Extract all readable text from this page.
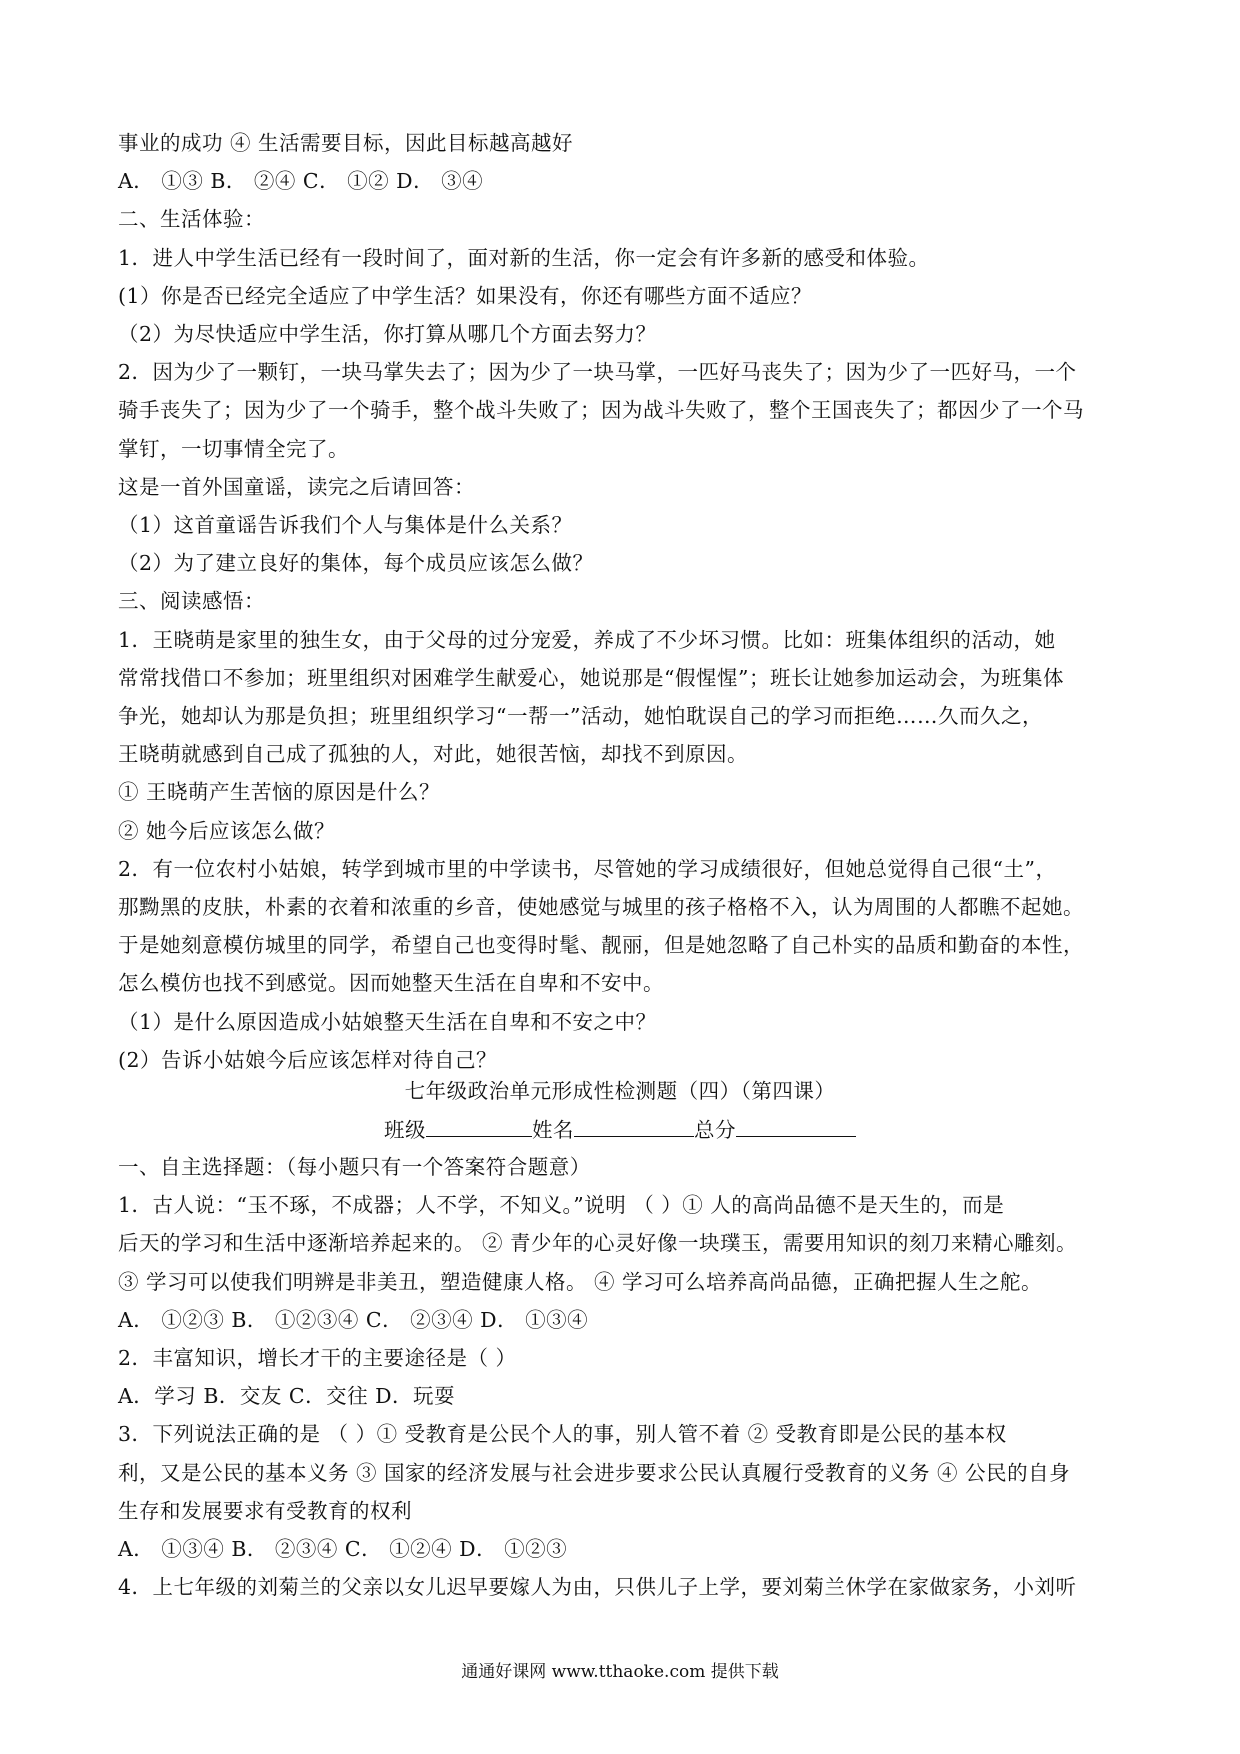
事业的成功 ④ 生活需要目标，因此目标越高越好
A． ①③ B． ②④ C． ①② D． ③④
二、生活体验：
1．进人中学生活已经有一段时间了，面对新的生活，你一定会有许多新的感受和体验。
(1）你是否已经完全适应了中学生活？如果没有，你还有哪些方面不适应？
（2）为尽快适应中学生活，你打算从哪几个方面去努力？
2．因为少了一颗钉，一块马掌失去了；因为少了一块马掌，一匹好马丧失了；因为少了一匹好马，一个
骑手丧失了；因为少了一个骑手，整个战斗失败了；因为战斗失败了，整个王国丧失了；都因少了一个马
掌钉，一切事情全完了。
这是一首外国童谣，读完之后请回答：
（1）这首童谣告诉我们个人与集体是什么关系？
（2）为了建立良好的集体，每个成员应该怎么做？
三、阅读感悟：
1．王晓萌是家里的独生女，由于父母的过分宠爱，养成了不少坏习惯。比如：班集体组织的活动，她
常常找借口不参加；班里组织对困难学生献爱心，她说那是“假惺惺”；班长让她参加运动会，为班集体
争光，她却认为那是负担；班里组织学习“一帮一”活动，她怕耽误自己的学习而拒绝……久而久之，
王晓萌就感到自己成了孤独的人，对此，她很苦恼，却找不到原因。
① 王晓萌产生苦恼的原因是什么？
② 她今后应该怎么做？
2．有一位农村小姑娘，转学到城市里的中学读书，尽管她的学习成绩很好，但她总觉得自己很“土”，
那黝黑的皮肤，朴素的衣着和浓重的乡音，使她感觉与城里的孩子格格不入，认为周围的人都瞧不起她。
于是她刻意模仿城里的同学，希望自己也变得时髦、靓丽，但是她忽略了自己朴实的品质和勤奋的本性，
怎么模仿也找不到感觉。因而她整天生活在自卑和不安中。
（1）是什么原因造成小姑娘整天生活在自卑和不安之中？
(2）告诉小姑娘今后应该怎样对待自己？
七年级政治单元形成性检测题（四）（第四课）
班级	姓名	总分
一、自主选择题：（每小题只有一个答案符合题意）
1．古人说：“玉不琢，不成器；人不学，不知义。”说明 （ ）① 人的高尚品德不是天生的，而是
后天的学习和生活中逐渐培养起来的。 ② 青少年的心灵好像一块璞玉，需要用知识的刻刀来精心雕刻。
③ 学习可以使我们明辨是非美丑，塑造健康人格。 ④ 学习可么培养高尚品德，正确把握人生之舵。
A． ①②③ B． ①②③④ C． ②③④ D． ①③④
2．丰富知识，增长才干的主要途径是（ ）
A．学习 B．交友 C．交往 D．玩耍
3．下列说法正确的是 （ ）① 受教育是公民个人的事，别人管不着 ② 受教育即是公民的基本权
利，又是公民的基本义务 ③ 国家的经济发展与社会进步要求公民认真履行受教育的义务 ④ 公民的自身
生存和发展要求有受教育的权利
A． ①③④ B． ②③④ C． ①②④ D． ①②③
4．上七年级的刘菊兰的父亲以女儿迟早要嫁人为由，只供儿子上学，要刘菊兰休学在家做家务，小刘听
通通好课网 www.tthaoke.com 提供下载
